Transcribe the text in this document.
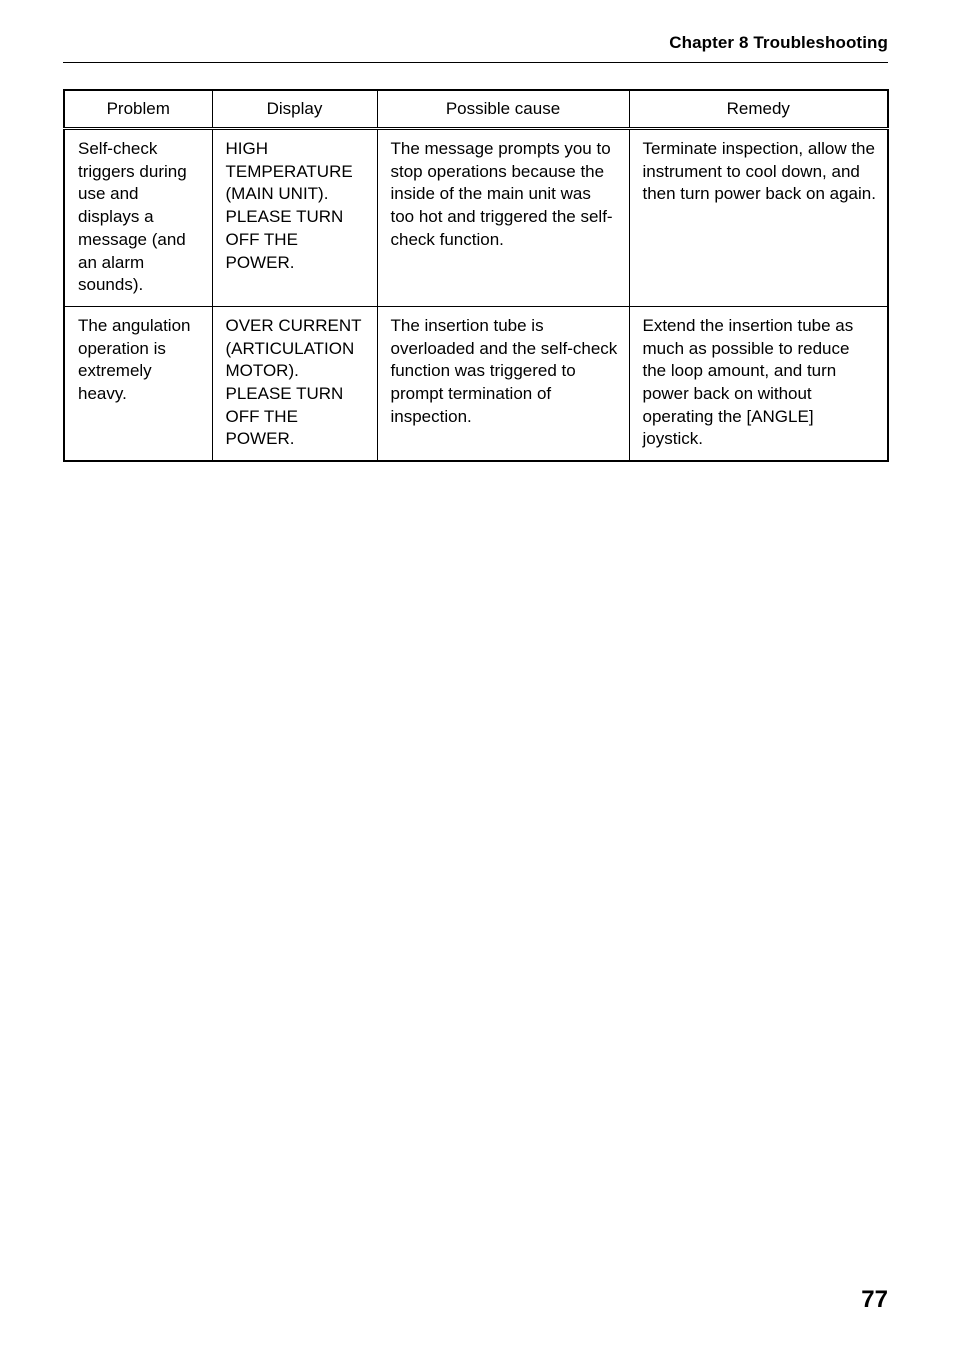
Chapter 8 Troubleshooting
Problem	Display	Possible cause	Remedy
Self-check triggers during use and displays a message (and an alarm sounds).	HIGH TEMPERATURE (MAIN UNIT). PLEASE TURN OFF THE POWER.	The message prompts you to stop operations because the inside of the main unit was too hot and triggered the self-check function.	Terminate inspection, allow the instrument to cool down, and then turn power back on again.
The angulation operation is extremely heavy.	OVER CURRENT (ARTICULATION MOTOR). PLEASE TURN OFF THE POWER.	The insertion tube is overloaded and the self-check function was triggered to prompt termination of inspection.	Extend the insertion tube as much as possible to reduce the loop amount, and turn power back on without operating the [ANGLE] joystick.
77
